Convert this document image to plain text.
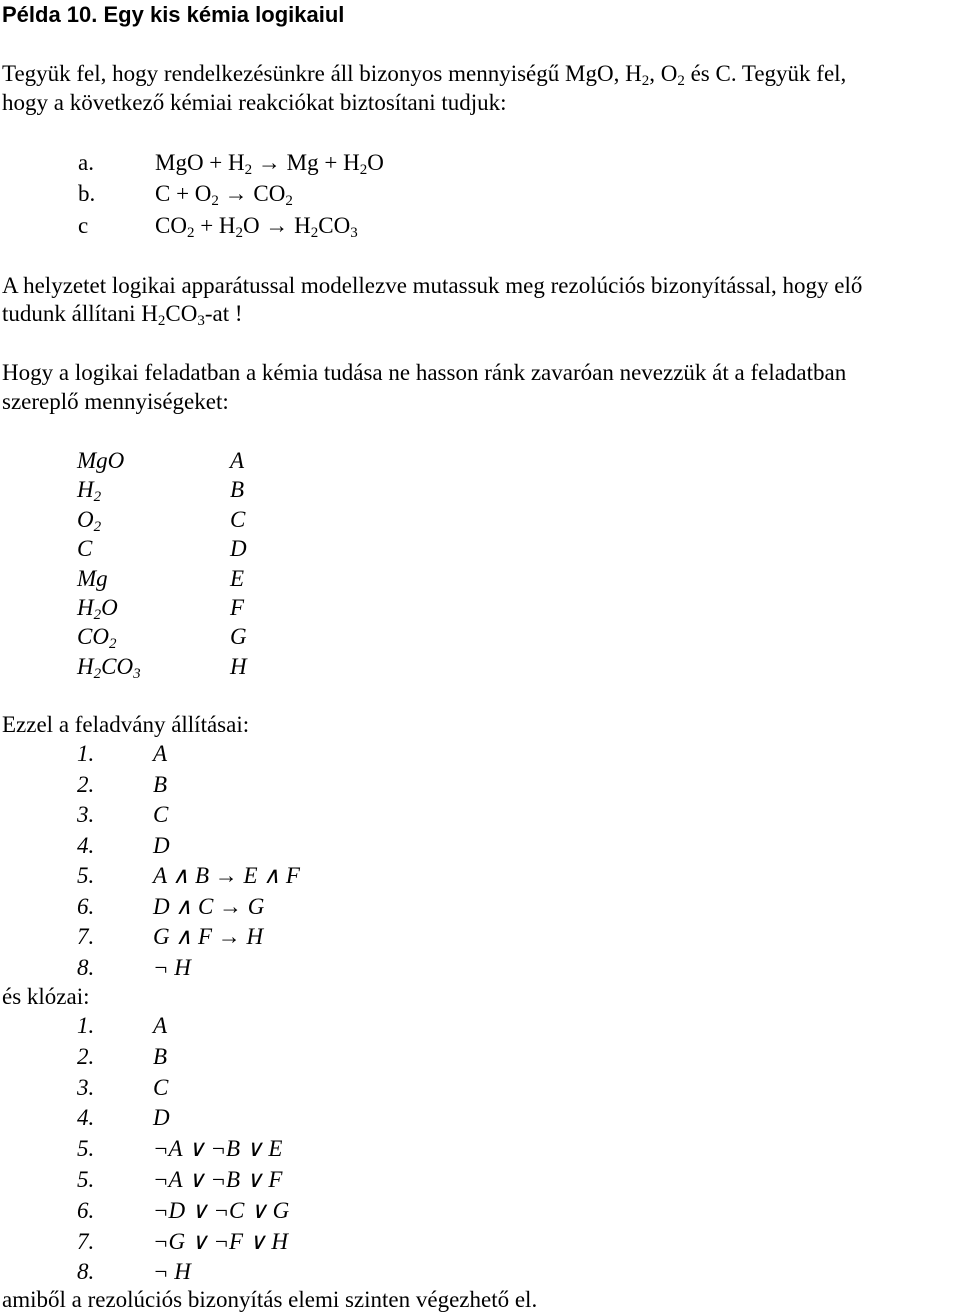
Példa 10. Egy kis kémia logikaiul
Tegyük fel, hogy rendelkezésünkre áll bizonyos mennyiségű MgO, $H_2$, $O_2$ és C. Tegyük fel,
hogy a következő kémiai reakciókat biztosítani tudjuk:
a.	MgO + $H_2 \to Mg + H_2O$
b.	$C + O_2 \to CO_2$
c	$CO_2 + H_2O \to H_2CO_3$
A helyzetet logikai apparátussal modellezve mutassuk meg rezolúciós bizonyítással, hogy elő
tudunk állítani $H_2CO_3-at$ !
Hogy a logikai feladatban a kémia tudása ne hasson ránk zavaróan nevezzük át a feladatban
szereplő mennyiségeket:
MgO	A
$H_2$	B
$O_2$	C
C	D
Mg	E
$H_2O$	F
$CO_2$	G
$H_2CO_3$	H
Ezzel a feladvány állításai:
1.	A
2.	B
3.	C
4.	D
5.	A ∧ B → E ∧ F
6.	D ∧ C → G
7.	G ∧ F → H
8.	¬ H
és klózai:
1.	A
2.	B
3.	C
4.	D
5.	¬A ∨ ¬B ∨ E
5.	¬A ∨ ¬B ∨ F
6.	¬D ∨ ¬C ∨ G
7.	¬G ∨ ¬F ∨ H
8.	¬ H
amiből a rezolúciós bizonyítás elemi szinten végezhető el.
